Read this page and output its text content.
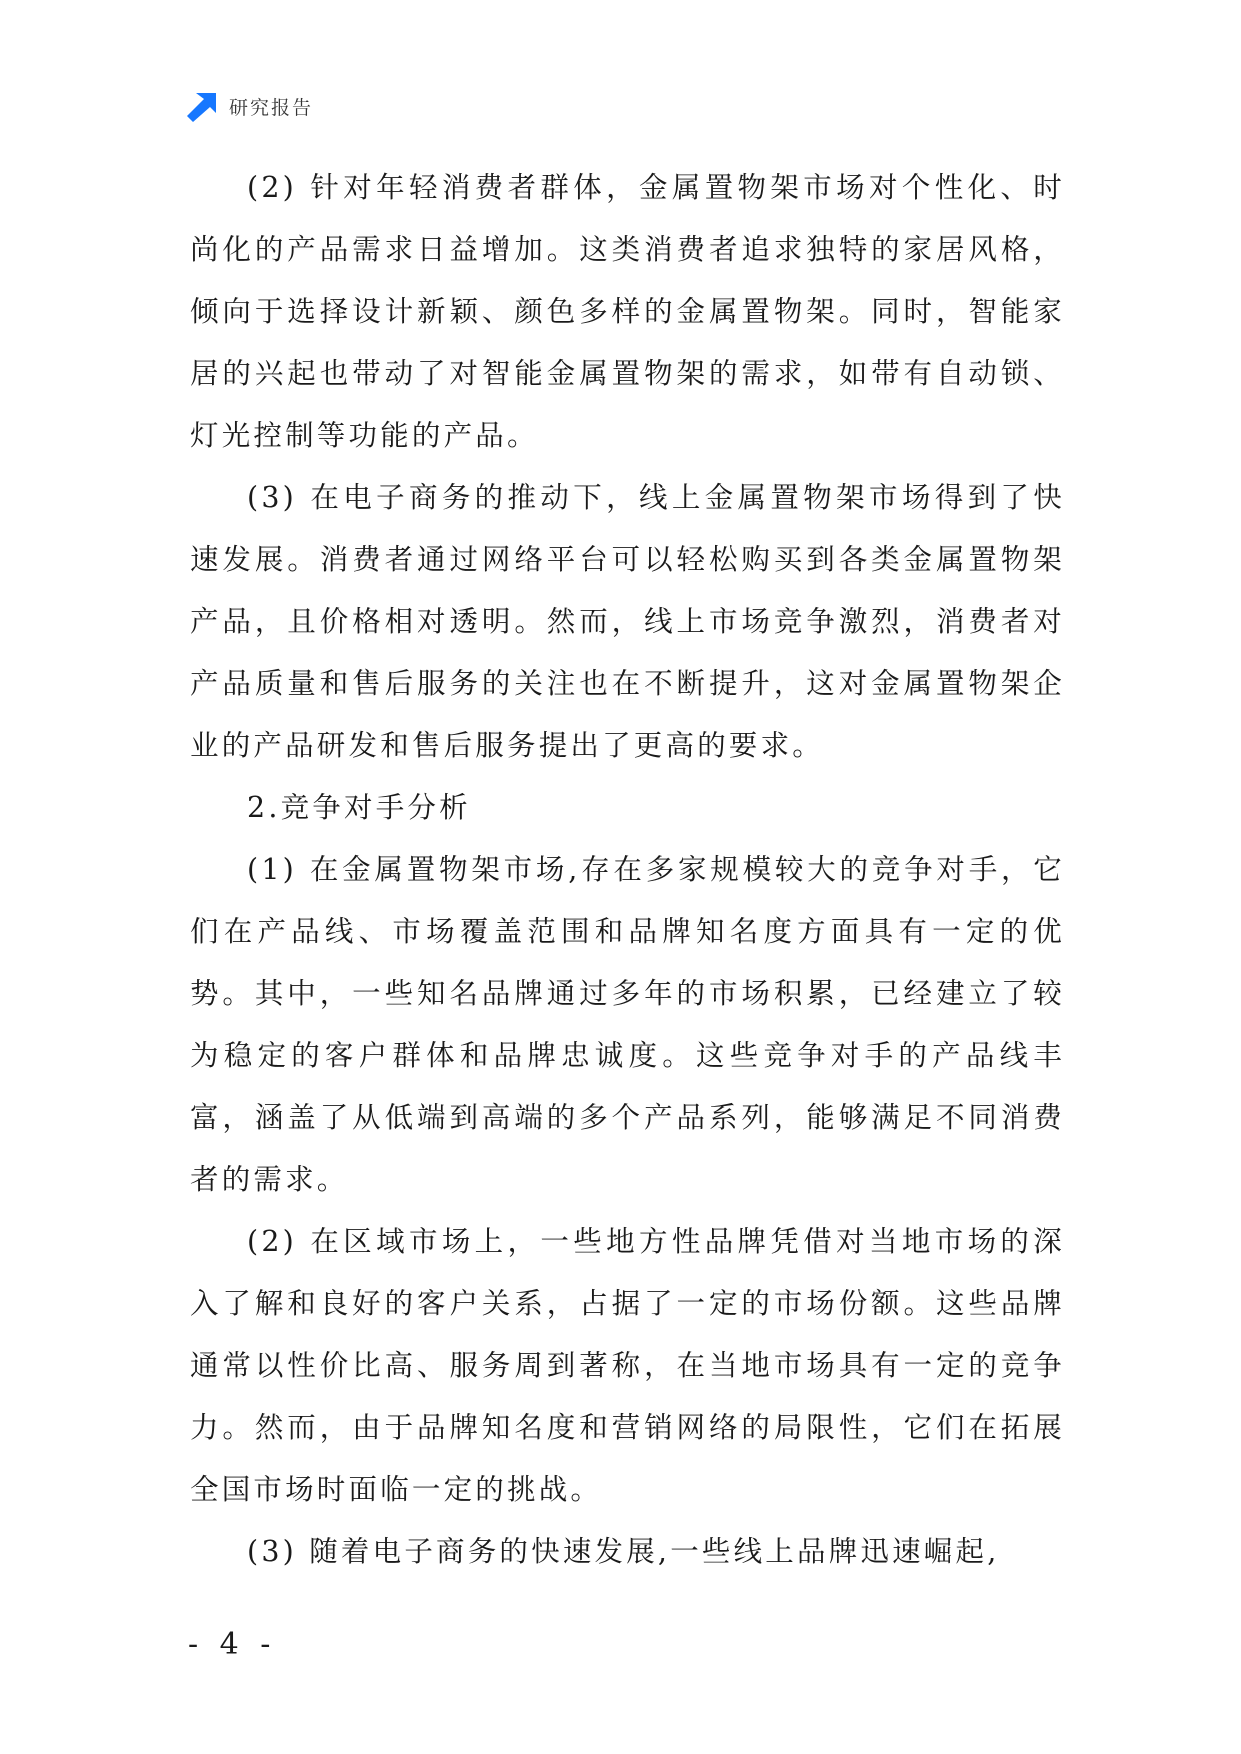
研究报告

(2) 针对年轻消费者群体，金属置物架市场对个性化、时尚化的产品需求日益增加。这类消费者追求独特的家居风格，倾向于选择设计新颖、颜色多样的金属置物架。同时，智能家居的兴起也带动了对智能金属置物架的需求，如带有自动锁、灯光控制等功能的产品。

(3) 在电子商务的推动下，线上金属置物架市场得到了快速发展。消费者通过网络平台可以轻松购买到各类金属置物架产品，且价格相对透明。然而，线上市场竞争激烈，消费者对产品质量和售后服务的关注也在不断提升，这对金属置物架企业的产品研发和售后服务提出了更高的要求。

2.竞争对手分析

(1) 在金属置物架市场,存在多家规模较大的竞争对手，它们在产品线、市场覆盖范围和品牌知名度方面具有一定的优势。其中，一些知名品牌通过多年的市场积累，已经建立了较为稳定的客户群体和品牌忠诚度。这些竞争对手的产品线丰富，涵盖了从低端到高端的多个产品系列，能够满足不同消费者的需求。

(2) 在区域市场上，一些地方性品牌凭借对当地市场的深入了解和良好的客户关系，占据了一定的市场份额。这些品牌通常以性价比高、服务周到著称，在当地市场具有一定的竞争力。然而，由于品牌知名度和营销网络的局限性，它们在拓展全国市场时面临一定的挑战。

(3) 随着电子商务的快速发展,一些线上品牌迅速崛起,

- 4 -
